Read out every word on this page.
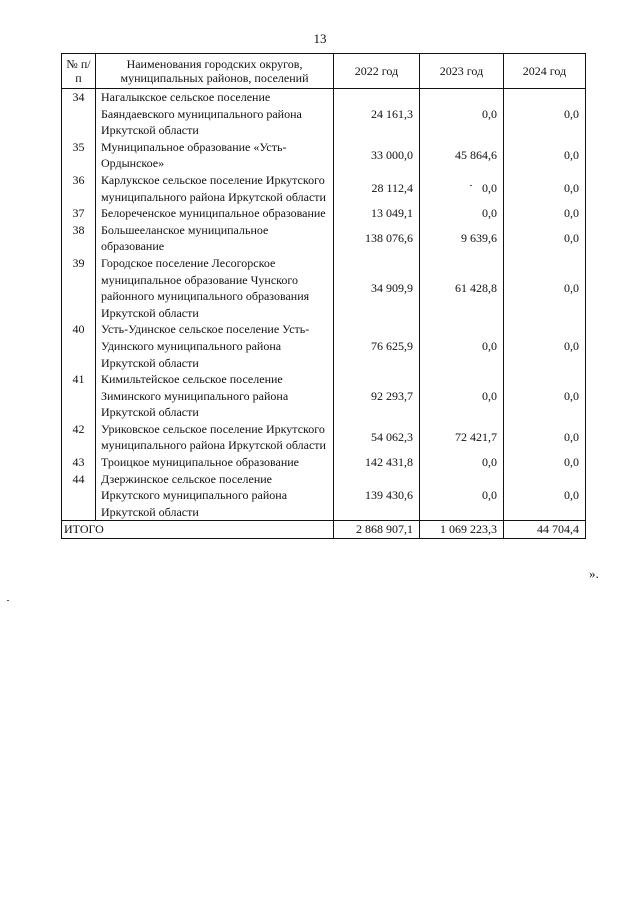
13
№ п/п	Наименования городских округов, муниципальных районов, поселений	2022 год	2023 год	2024 год
34	Нагалыкское сельское поселение Баяндаевского муниципального района Иркутской области	24 161,3	0,0	0,0
35	Муниципальное образование «Усть-Ордынское»	33 000,0	45 864,6	0,0
36	Карлукское сельское поселение Иркутского муниципального района Иркутской области	28 112,4	0,0	0,0
37	Белореченское муниципальное образование	13 049,1	0,0	0,0
38	Большееланское муниципальное образование	138 076,6	9 639,6	0,0
39	Городское поселение Лесогорское муниципальное образование Чунского районного муниципального образования Иркутской области	34 909,9	61 428,8	0,0
40	Усть-Удинское сельское поселение Усть-Удинского муниципального района Иркутской области	76 625,9	0,0	0,0
41	Кимильтейское сельское поселение Зиминского муниципального района Иркутской области	92 293,7	0,0	0,0
42	Уриковское сельское поселение Иркутского муниципального района Иркутской области	54 062,3	72 421,7	0,0
43	Троицкое муниципальное образование	142 431,8	0,0	0,0
44	Дзержинское сельское поселение Иркутского муниципального района Иркутской области	139 430,6	0,0	0,0
ИТОГО		2 868 907,1	1 069 223,3	44 704,4
».
